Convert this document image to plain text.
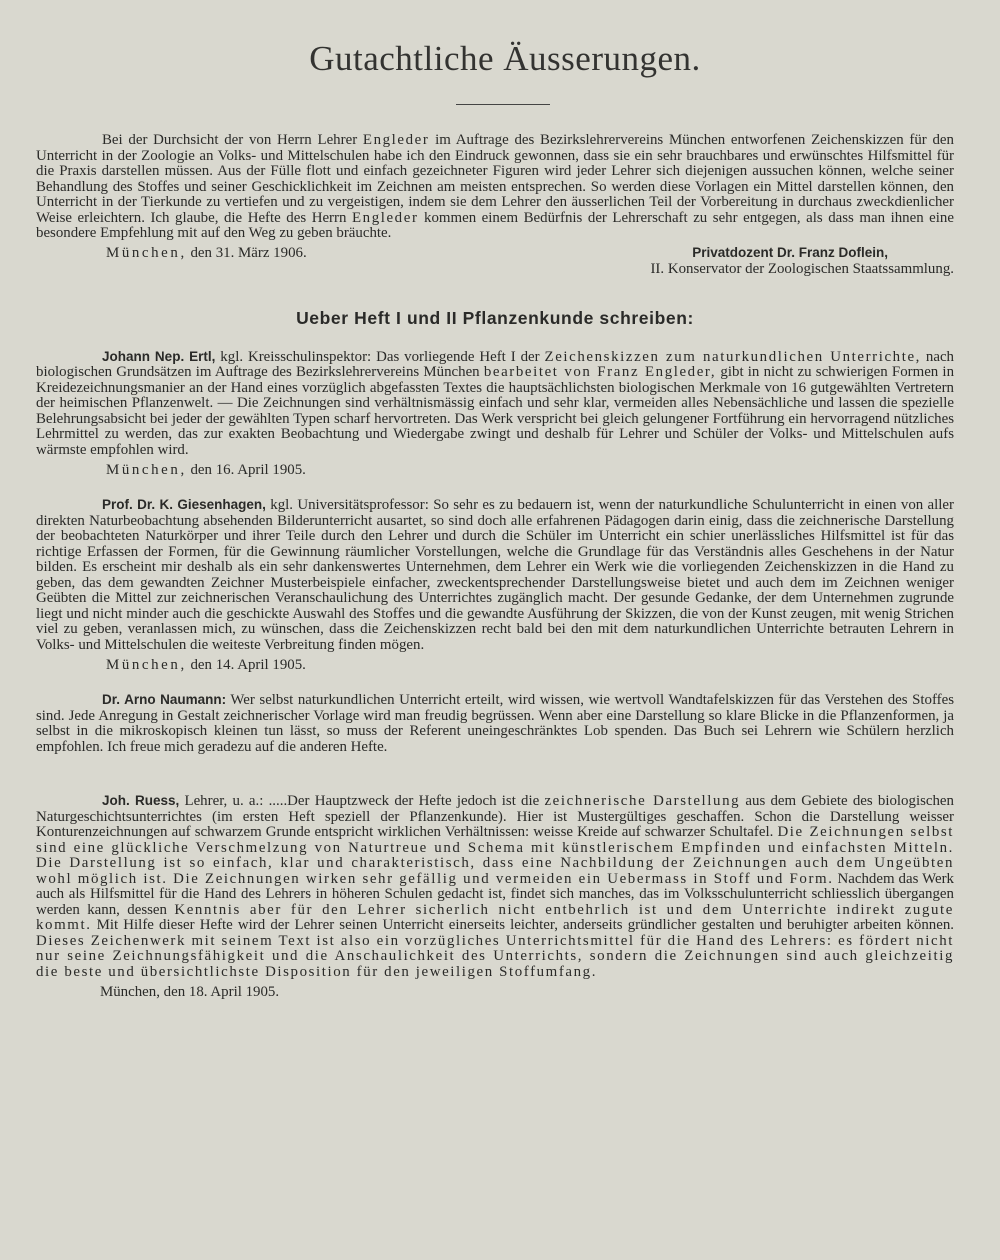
Gutachtliche Äusserungen.

Bei der Durchsicht der von Herrn Lehrer Engleder im Auftrage des Bezirkslehrervereins München entworfenen Zeichenskizzen für den Unterricht in der Zoologie an Volks- und Mittelschulen habe ich den Eindruck gewonnen, dass sie ein sehr brauchbares und erwünschtes Hilfsmittel für die Praxis darstellen müssen. Aus der Fülle flott und einfach gezeichneter Figuren wird jeder Lehrer sich diejenigen aussuchen können, welche seiner Behandlung des Stoffes und seiner Geschicklichkeit im Zeichnen am meisten entsprechen. So werden diese Vorlagen ein Mittel darstellen können, den Unterricht in der Tierkunde zu vertiefen und zu vergeistigen, indem sie dem Lehrer den äusserlichen Teil der Vorbereitung in durchaus zweckdienlicher Weise erleichtern. Ich glaube, die Hefte des Herrn Engleder kommen einem Bedürfnis der Lehrerschaft zu sehr entgegen, als dass man ihnen eine besondere Empfehlung mit auf den Weg zu geben bräuchte.

München, den 31. März 1906.	Privatdozent Dr. Franz Doflein,
II. Konservator der Zoologischen Staatssammlung.
Ueber Heft I und II Pflanzenkunde schreiben:

Johann Nep. Ertl, kgl. Kreisschulinspektor: Das vorliegende Heft I der Zeichenskizzen zum naturkundlichen Unterrichte, nach biologischen Grundsätzen im Auftrage des Bezirkslehrervereins München bearbeitet von Franz Engleder, gibt in nicht zu schwierigen Formen in Kreidezeichnungsmanier an der Hand eines vorzüglich abgefassten Textes die hauptsächlichsten biologischen Merkmale von 16 gutgewählten Vertretern der heimischen Pflanzenwelt. — Die Zeichnungen sind verhältnismässig einfach und sehr klar, vermeiden alles Nebensächliche und lassen die spezielle Belehrungsabsicht bei jeder der gewählten Typen scharf hervortreten. Das Werk verspricht bei gleich gelungener Fortführung ein hervorragend nützliches Lehrmittel zu werden, das zur exakten Beobachtung und Wiedergabe zwingt und deshalb für Lehrer und Schüler der Volks- und Mittelschulen aufs wärmste empfohlen wird.

München, den 16. April 1905.

Prof. Dr. K. Giesenhagen, kgl. Universitätsprofessor: So sehr es zu bedauern ist, wenn der naturkundliche Schulunterricht in einen von aller direkten Naturbeobachtung absehenden Bilderunterricht ausartet, so sind doch alle erfahrenen Pädagogen darin einig, dass die zeichnerische Darstellung der beobachteten Naturkörper und ihrer Teile durch den Lehrer und durch die Schüler im Unterricht ein schier unerlässliches Hilfsmittel ist für das richtige Erfassen der Formen, für die Gewinnung räumlicher Vorstellungen, welche die Grundlage für das Verständnis alles Geschehens in der Natur bilden. Es erscheint mir deshalb als ein sehr dankenswertes Unternehmen, dem Lehrer ein Werk wie die vorliegenden Zeichenskizzen in die Hand zu geben, das dem gewandten Zeichner Musterbeispiele einfacher, zweckentsprechender Darstellungsweise bietet und auch dem im Zeichnen weniger Geübten die Mittel zur zeichnerischen Veranschaulichung des Unterrichtes zugänglich macht. Der gesunde Gedanke, der dem Unternehmen zugrunde liegt und nicht minder auch die geschickte Auswahl des Stoffes und die gewandte Ausführung der Skizzen, die von der Kunst zeugen, mit wenig Strichen viel zu geben, veranlassen mich, zu wünschen, dass die Zeichenskizzen recht bald bei den mit dem naturkundlichen Unterrichte betrauten Lehrern in Volks- und Mittelschulen die weiteste Verbreitung finden mögen.

München, den 14. April 1905.

Dr. Arno Naumann: Wer selbst naturkundlichen Unterricht erteilt, wird wissen, wie wertvoll Wandtafelskizzen für das Verstehen des Stoffes sind. Jede Anregung in Gestalt zeichnerischer Vorlage wird man freudig begrüssen. Wenn aber eine Darstellung so klare Blicke in die Pflanzenformen, ja selbst in die mikroskopisch kleinen tun lässt, so muss der Referent uneingeschränktes Lob spenden. Das Buch sei Lehrern wie Schülern herzlich empfohlen. Ich freue mich geradezu auf die anderen Hefte.

Joh. Ruess, Lehrer, u. a.: .....Der Hauptzweck der Hefte jedoch ist die zeichnerische Darstellung aus dem Gebiete des biologischen Naturgeschichtsunterrichtes (im ersten Heft speziell der Pflanzenkunde). Hier ist Mustergültiges geschaffen. Schon die Darstellung weisser Konturenzeichnungen auf schwarzem Grunde entspricht wirklichen Verhältnissen: weisse Kreide auf schwarzer Schultafel. Die Zeichnungen selbst sind eine glückliche Verschmelzung von Naturtreue und Schema mit künstlerischem Empfinden und einfachsten Mitteln. Die Darstellung ist so einfach, klar und charakteristisch, dass eine Nachbildung der Zeichnungen auch dem Ungeübten wohl möglich ist. Die Zeichnungen wirken sehr gefällig und vermeiden ein Uebermass in Stoff und Form. Nachdem das Werk auch als Hilfsmittel für die Hand des Lehrers in höheren Schulen gedacht ist, findet sich manches, das im Volksschulunterricht schliesslich übergangen werden kann, dessen Kenntnis aber für den Lehrer sicherlich nicht entbehrlich ist und dem Unterrichte indirekt zugute kommt. Mit Hilfe dieser Hefte wird der Lehrer seinen Unterricht einerseits leichter, anderseits gründlicher gestalten und beruhigter arbeiten können. Dieses Zeichenwerk mit seinem Text ist also ein vorzügliches Unterrichtsmittel für die Hand des Lehrers: es fördert nicht nur seine Zeichnungsfähigkeit und die Anschaulichkeit des Unterrichts, sondern die Zeichnungen sind auch gleichzeitig die beste und übersichtlichste Disposition für den jeweiligen Stoffumfang.

München, den 18. April 1905.
